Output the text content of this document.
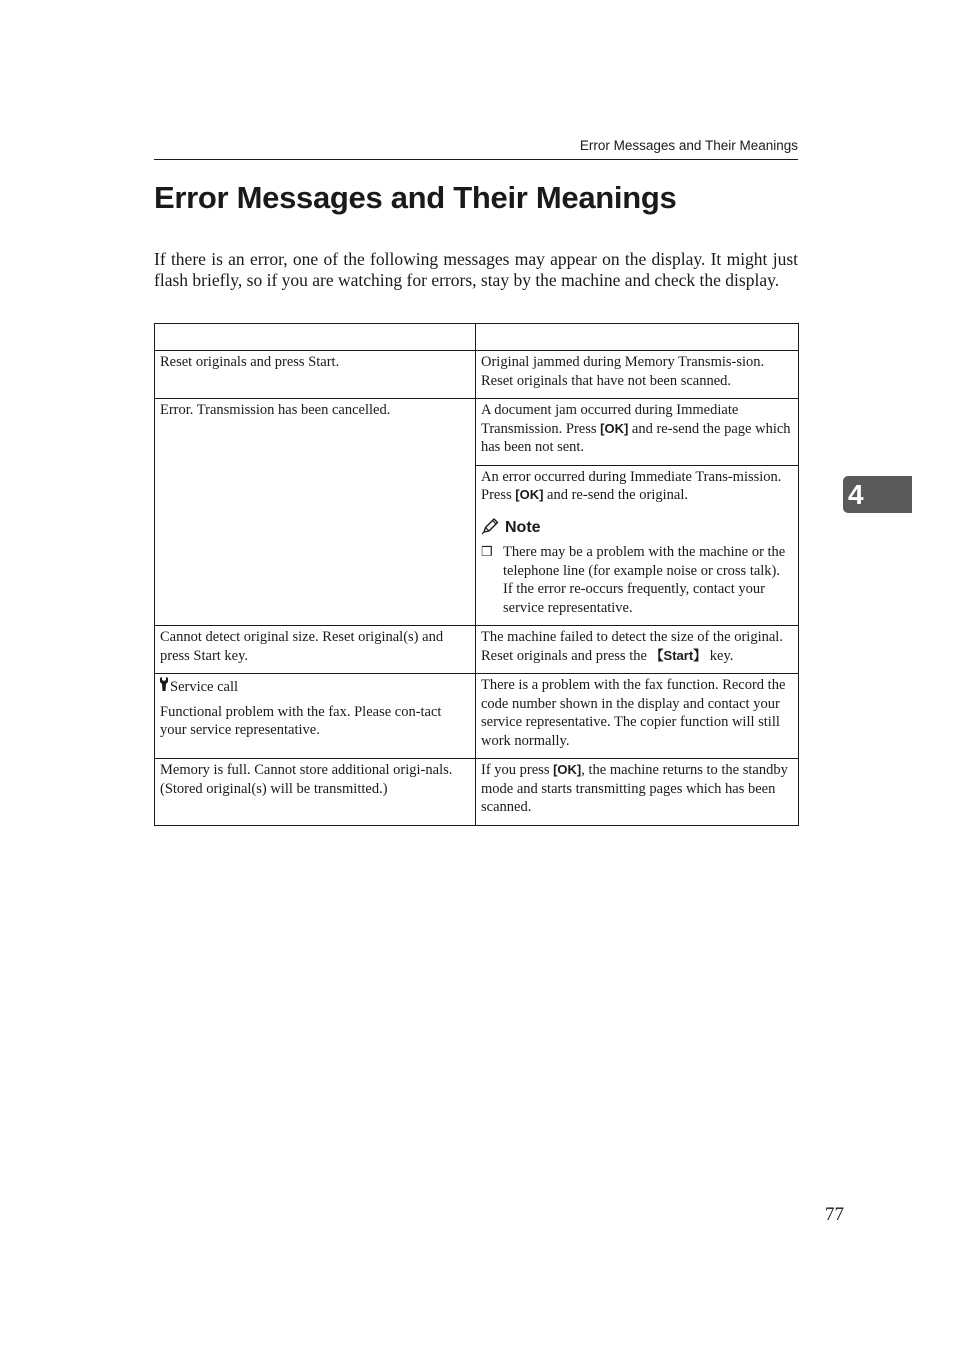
Error Messages and Their Meanings
Error Messages and Their Meanings

If there is an error, one of the following messages may appear on the display. It might just flash briefly, so if you are watching for errors, stay by the machine and check the display.

Reset originals and press Start.	Original jammed during Memory Transmis-sion. Reset originals that have not been scanned.
Error. Transmission has been cancelled.	A document jam occurred during Immediate Transmission. Press [OK] and re-send the page which has been not sent.

	An error occurred during Immediate Trans-mission. Press [OK] and re-send the original.
Note
❒ There may be a problem with the machine or the telephone line (for example noise or cross talk). If the error re-occurs frequently, contact your service representative.

Cannot detect original size. Reset original(s) and press Start key.	The machine failed to detect the size of the original. Reset originals and press the 【Start】 key.

Service call
Functional problem with the fax. Please con-tact your service representative.	There is a problem with the fax function. Record the code number shown in the display and contact your service representative. The copier function will still work normally.
Memory is full. Cannot store additional origi-nals. (Stored original(s) will be transmitted.)	If you press [OK], the machine returns to the standby mode and starts transmitting pages which has been scanned.
4
77
